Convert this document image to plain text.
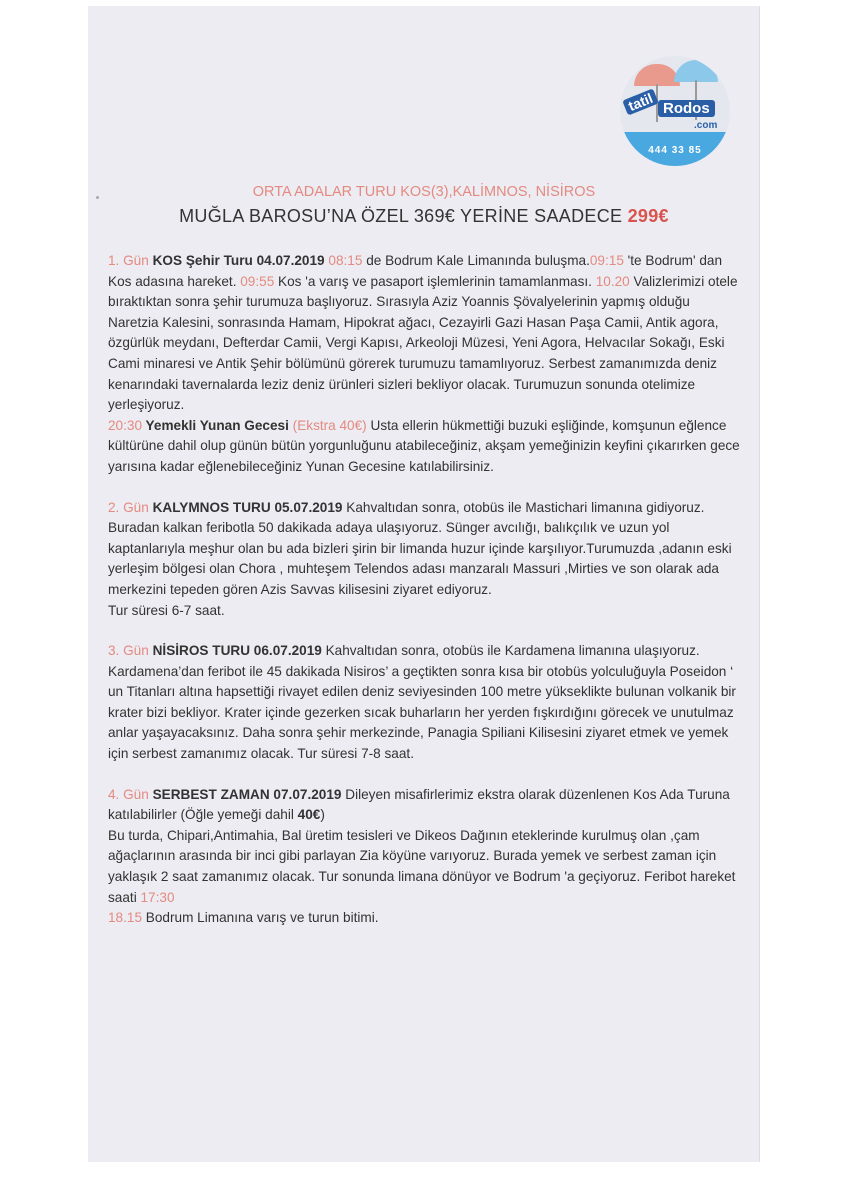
tatil Rodos
.com
444 33 85

ORTA ADALAR TURU KOS(3),KALİMNOS, NİSİROS

MUĞLA BAROSU’NA ÖZEL 369€ YERİNE SAADECE 299€

1. Gün KOS Şehir Turu 04.07.2019 08:15 de Bodrum Kale Limanında buluşma.09:15 'te Bodrum' dan Kos adasına hareket. 09:55 Kos 'a varış ve pasaport işlemlerinin tamamlanması. 10.20 Valizlerimizi otele bıraktıktan sonra şehir turumuza başlıyoruz. Sırasıyla Aziz Yoannis Şövalyelerinin yapmış olduğu Naretzia Kalesini, sonrasında Hamam, Hipokrat ağacı, Cezayirli Gazi Hasan Paşa Camii, Antik agora, özgürlük meydanı, Defterdar Camii, Vergi Kapısı, Arkeoloji Müzesi, Yeni Agora, Helvacılar Sokağı, Eski Cami minaresi ve Antik Şehir bölümünü görerek turumuzu tamamlıyoruz. Serbest zamanımızda deniz kenarındaki tavernalarda leziz deniz ürünleri sizleri bekliyor olacak. Turumuzun sonunda otelimize yerleşiyoruz.
20:30 Yemekli Yunan Gecesi (Ekstra 40€) Usta ellerin hükmettiği buzuki eşliğinde, komşunun eğlence kültürüne dahil olup günün bütün yorgunluğunu atabileceğiniz, akşam yemeğinizin keyfini çıkarırken gece yarısına kadar eğlenebileceğiniz Yunan Gecesine katılabilirsiniz.

2. Gün KALYMNOS TURU 05.07.2019 Kahvaltıdan sonra, otobüs ile Mastichari limanına gidiyoruz. Buradan kalkan feribotla 50 dakikada adaya ulaşıyoruz. Sünger avcılığı, balıkçılık ve uzun yol kaptanlarıyla meşhur olan bu ada bizleri şirin bir limanda huzur içinde karşılıyor.Turumuzda ,adanın eski yerleşim bölgesi olan Chora , muhteşem Telendos adası manzaralı Massuri ,Mirties ve son olarak ada merkezini tepeden gören Azis Savvas kilisesini ziyaret ediyoruz.
Tur süresi 6-7 saat.

3. Gün NİSİROS TURU 06.07.2019 Kahvaltıdan sonra, otobüs ile Kardamena limanına ulaşıyoruz. Kardamena’dan feribot ile 45 dakikada Nisiros’ a geçtikten sonra kısa bir otobüs yolculuğuyla Poseidon ‘ un Titanları altına hapsettiği rivayet edilen deniz seviyesinden 100 metre yükseklikte bulunan volkanik bir krater bizi bekliyor. Krater içinde gezerken sıcak buharların her yerden fışkırdığını görecek ve unutulmaz anlar yaşayacaksınız. Daha sonra şehir merkezinde, Panagia Spiliani Kilisesini ziyaret etmek ve yemek için serbest zamanımız olacak. Tur süresi 7-8 saat.

4. Gün SERBEST ZAMAN 07.07.2019 Dileyen misafirlerimiz ekstra olarak düzenlenen Kos Ada Turuna katılabilirler (Öğle yemeği dahil 40€)
Bu turda, Chipari,Antimahia, Bal üretim tesisleri ve Dikeos Dağının eteklerinde kurulmuş olan ,çam ağaçlarının arasında bir inci gibi parlayan Zia köyüne varıyoruz. Burada yemek ve serbest zaman için yaklaşık 2 saat zamanımız olacak. Tur sonunda limana dönüyor ve Bodrum 'a geçiyoruz. Feribot hareket saati 17:30
18.15 Bodrum Limanına varış ve turun bitimi.
